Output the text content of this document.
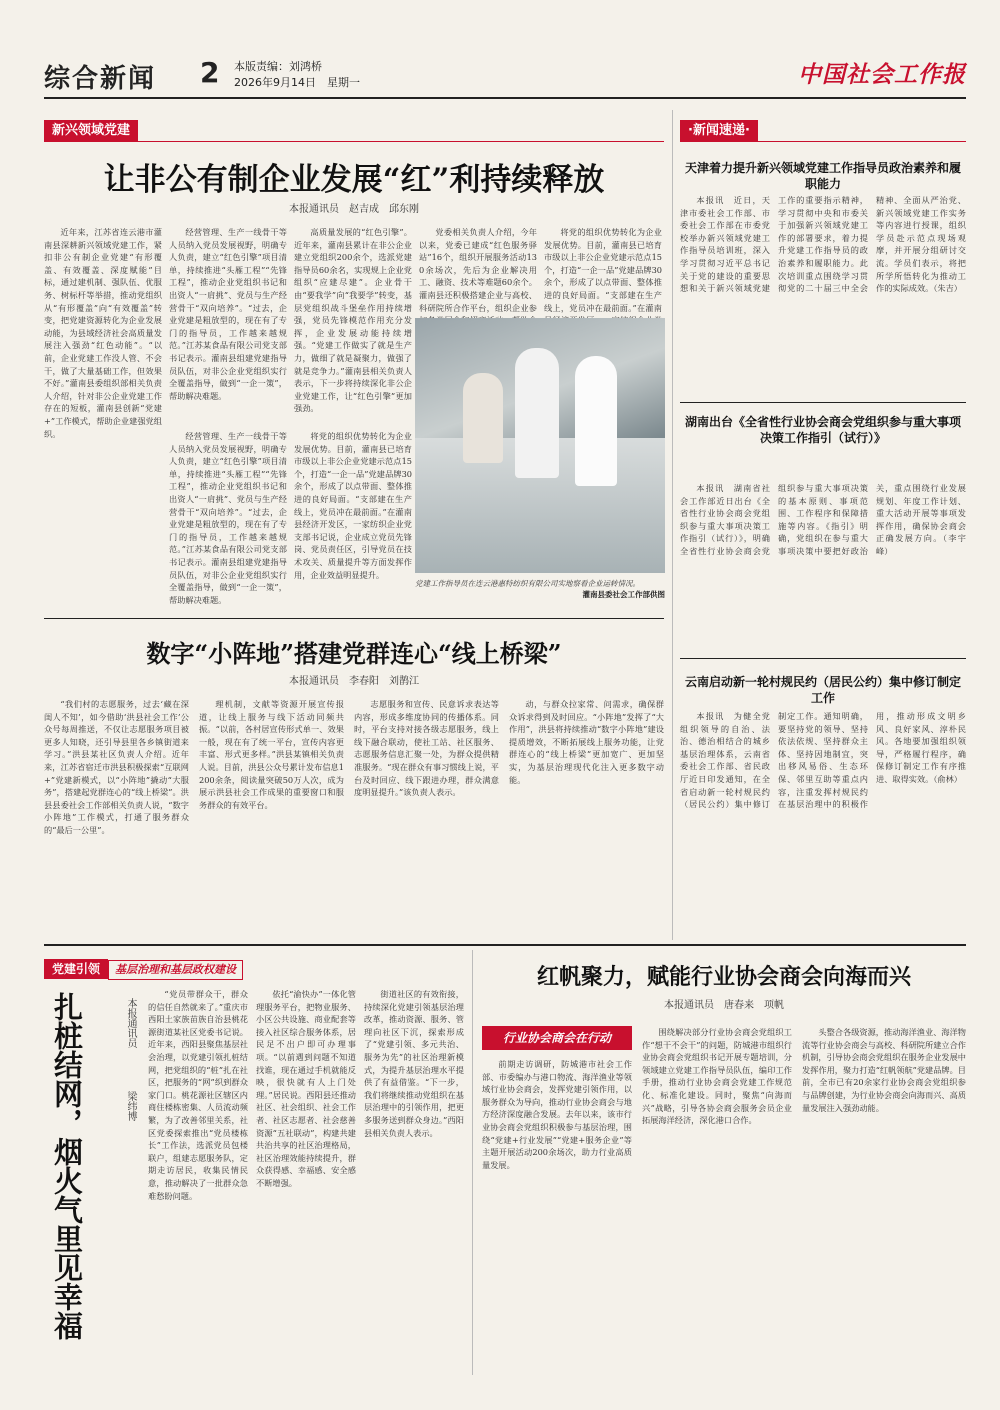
综合新闻 2 本版责编：刘鸿桥
2026年9月14日　星期一	中国社会工作报
新兴领域党建
让非公有制企业发展“红”利持续释放
本报通讯员　赵吉成　邱东刚

近年来，江苏省连云港市灌南县深耕新兴领域党建工作，紧扣非公有制企业党建“有形覆盖、有效覆盖、深度赋能”目标，通过建机制、强队伍、优服务、树标杆等举措，推动党组织从“有形覆盖”向“有效覆盖”转变，把党建资源转化为企业发展动能，为县域经济社会高质量发展注入强劲“红色动能”。“以前，企业党建工作没人管、不会干，做了大量基础工作，但效果不好。”灌南县委组织部相关负责人介绍，针对非公企业党建工作存在的短板，灌南县创新“党建+”工作模式，帮助企业建强党组织。

经营管理、生产一线骨干等人员纳入党员发展视野，明确专人负责，建立“红色引擎”项目清单，持续推进“头雁工程”“先锋工程”，推动企业党组织书记和出资人“一肩挑”、党员与生产经营骨干“双向培养”。“过去，企业党建是粗放型的，现在有了专门的指导员，工作越来越规范。”江苏某食品有限公司党支部书记表示。灌南县组建党建指导员队伍，对非公企业党组织实行全覆盖指导，做到“一企一策”，帮助解决难题。

高质量发展的“红色引擎”。近年来，灌南县累计在非公企业建立党组织200余个，选派党建指导员60余名，实现规上企业党组织“应建尽建”。企业骨干由“要我学”向“我要学”转变，基层党组织战斗堡垒作用持续增强，党员先锋模范作用充分发挥，企业发展动能持续增强。“党建工作做实了就是生产力，做细了就是凝聚力，做强了就是竞争力。”灌南县相关负责人表示，下一步将持续深化非公企业党建工作，让“红色引擎”更加强劲。

党委相关负责人介绍，今年以来，党委已建成“红色服务驿站”16个，组织开展服务活动130余场次，先后为企业解决用工、融资、技术等难题60余个。灌南县还积极搭建企业与高校、科研院所合作平台，组织企业参

将党的组织优势转化为企业发展优势。目前，灌南县已培育市级以上非公企业党建示范点15个，打造“一企一品”党建品牌30余个，形成了以点带面、整体推进的良好局面。“支部建在生产线上，党员冲在最前面。”在灌南

经营管理、生产一线骨干等人员纳入党员发展视野，明确专人负责，建立“红色引擎”项目清单，持续推进“头雁工程”“先锋工程”，推动企业党组织书记和出资人“一肩挑”、党员与生产经营骨干“双向培养”。“过去，企业党建是粗放型的，现在有了专门的指导员，工作越来越规范。”江苏某食品有限公司党支部书记表示。灌南县组建党建指导员队伍，对非公企业党组织实行全覆盖指导，做到“一企一策”，帮助解决难题。

将党的组织优势转化为企业发展优势。目前，灌南县已培育市级以上非公企业党建示范点15个，打造“一企一品”党建品牌30余个，形成了以点带面、整体推进的良好局面。“支部建在生产线上，党员冲在最前面。”在灌南县经济开发区，一家纺织企业党支部书记说，企业成立党员先锋岗、党员责任区，引导党员在技术攻关、质量提升等方面发挥作用，企业效益明显提升。

党建工作指导员在连云港惠特纺织有限公司实地察看企业运转情况。
灌南县委社会工作部供图
数字“小阵地”搭建党群连心“线上桥梁”
本报通讯员　李春阳　刘鹊江

“我们村的志愿服务，过去‘藏在深闺人不知’，如今借助‘洪县社会工作’公众号每周推送，不仅让志愿服务项目被更多人知晓，还引导县里各乡镇街道来学习。”洪县某社区负责人介绍。近年来，江苏省宿迁市洪县积极探索“互联网+”党建新模式，以“小阵地”撬动“大服务”，搭建起党群连心的“线上桥梁”。洪县县委社会工作部相关负责人说，“数字小阵地”工作模式，打通了服务群众的“最后一公里”。

理机制，文献等资源开展宣传报道，让线上服务与线下活动同频共振。“以前，各村居宣传形式单一、效果一般，现在有了统一平台，宣传内容更丰富、形式更多样。”洪县某镇相关负责人说。目前，洪县公众号累计发布信息1200余条，阅读量突破50万人次，成为展示洪县社会工作成果的重要窗口和服务群众的有效平台。

志愿服务和宣传、民意诉求表达等内容，形成多维度协同的传播体系。同时，平台支持对接各级志愿服务，线上线下融合联动，使社工站、社区服务、志愿服务信息汇聚一处，为群众提供精准服务。“现在群众有事习惯线上说，平台及时回应、线下跟进办理，群众满意度明显提升。”该负责人表示。

动，与群众拉家常、问需求，确保群众诉求得到及时回应。“小阵地”发挥了“大作用”，洪县将持续推动“数字小阵地”建设提质增效，不断拓展线上服务功能，让党群连心的“线上桥梁”更加宽广、更加坚实，为基层治理现代化注入更多数字动能。

·新闻速递·
天津着力提升新兴领域党建工作指导员政治素养和履职能力

本报讯　近日，天津市委社会工作部、市委社会工作部在市委党校举办新兴领域党建工作指导员培训班，深入学习贯彻习近平总书记关于党的建设的重要思想和关于新兴领域党建工作的重要指示精神，学习贯彻中央和市委关于加强新兴领域党建工作的部署要求，着力提升党建工作指导员的政治素养和履职能力。此次培训重点围绕学习贯彻党的二十届三中全会精神、全面从严治党、新兴领域党建工作实务等内容进行授课，组织学员赴示范点现场观摩，并开展分组研讨交流。学员们表示，将把所学所悟转化为推动工作的实际成效。（朱吉）

湖南出台《全省性行业协会商会党组织参与重大事项决策工作指引（试行）》

本报讯　湖南省社会工作部近日出台《全省性行业协会商会党组织参与重大事项决策工作指引（试行）》，明确全省性行业协会商会党组织参与重大事项决策的基本原则、事项范围、工作程序和保障措施等内容。《指引》明确，党组织在参与重大事项决策中要把好政治关，重点围绕行业发展规划、年度工作计划、重大活动开展等事项发挥作用，确保协会商会正确发展方向。（李宇峰）

云南启动新一轮村规民约（居民公约）集中修订制定工作

本报讯　为健全党组织领导的自治、法治、德治相结合的城乡基层治理体系，云南省委社会工作部、省民政厅近日印发通知，在全省启动新一轮村规民约（居民公约）集中修订制定工作。通知明确，要坚持党的领导、坚持依法依规、坚持群众主体、坚持因地制宜，突出移风易俗、生态环保、邻里互助等重点内容，注重发挥村规民约在基层治理中的积极作用，推动形成文明乡风、良好家风、淳朴民风。各地要加强组织领导，严格履行程序，确保修订制定工作有序推进、取得实效。（俞林）

党建引领 基层治理和基层政权建设
扎桩结网，烟火气里见幸福	本报通讯员 梁纬博

“党员带群众干，群众的信任自然就来了。”重庆市西阳土家族苗族自治县桃花源街道某社区党委书记说。近年来，西阳县聚焦基层社会治理，以党建引领扎桩结网，把党组织的“桩”扎在社区，把服务的“网”织到群众家门口。桃花源社区辖区内商住楼栋密集、人员流动频繁，为了改善邻里关系，社区党委探索推出“党员楼栋长”工作法，选派党员包楼联户，组建志愿服务队，定期走访居民，收集民情民意，推动解决了一批群众急难愁盼问题。

依托“渝快办”一体化管理服务平台，把物业服务、小区公共设施、商业配套等接入社区综合服务体系，居民足不出户即可办理事项。“以前遇到问题不知道找谁，现在通过手机就能反映，很快就有人上门处理。”居民说。西阳县还推动社区、社会组织、社会工作者、社区志愿者、社会慈善资源“五社联动”，构建共建共治共享的社区治理格局，社区治理效能持续提升，群众获得感、幸福感、安全感不断增强。

街道社区的有效衔接，持续深化党建引领基层治理改革，推动资源、服务、管理向社区下沉，探索形成了“党建引领、多元共治、服务为先”的社区治理新模式，为提升基层治理水平提供了有益借鉴。“下一步，我们将继续推动党组织在基层治理中的引领作用，把更多服务送到群众身边。”西阳县相关负责人表示。

红帆聚力，赋能行业协会商会向海而兴
本报通讯员　唐春来　项帆
行业协会商会在行动

前期走访调研，防城港市社会工作部、市委编办与港口物流、海洋渔业等领域行业协会商会，发挥党建引领作用，以服务群众为导向，推动行业协会商会与地方经济深度融合发展。去年以来，该市行业协会商会党组织积极参与基层治理，围绕“党建+行业发展”“党建+服务企业”等主题开展活动200余场次，助力行业高质量发展。

围绕解决部分行业协会商会党组织工作“想干不会干”的问题，防城港市组织行业协会商会党组织书记开展专题培训，分领域建立党建工作指导员队伍，编印工作手册，推动行业协会商会党建工作规范化、标准化建设。同时，聚焦“向海而兴”战略，引导各协会商会服务会员企业拓展海洋经济，深化港口合作。

头整合各级资源，推动海洋渔业、海洋物流等行业协会商会与高校、科研院所建立合作机制，引导协会商会党组织在服务企业发展中发挥作用，聚力打造“红帆领航”党建品牌。目前，全市已有20余家行业协会商会党组织参与品牌创建，为行业协会商会向海而兴、高质量发展注入强劲动能。
